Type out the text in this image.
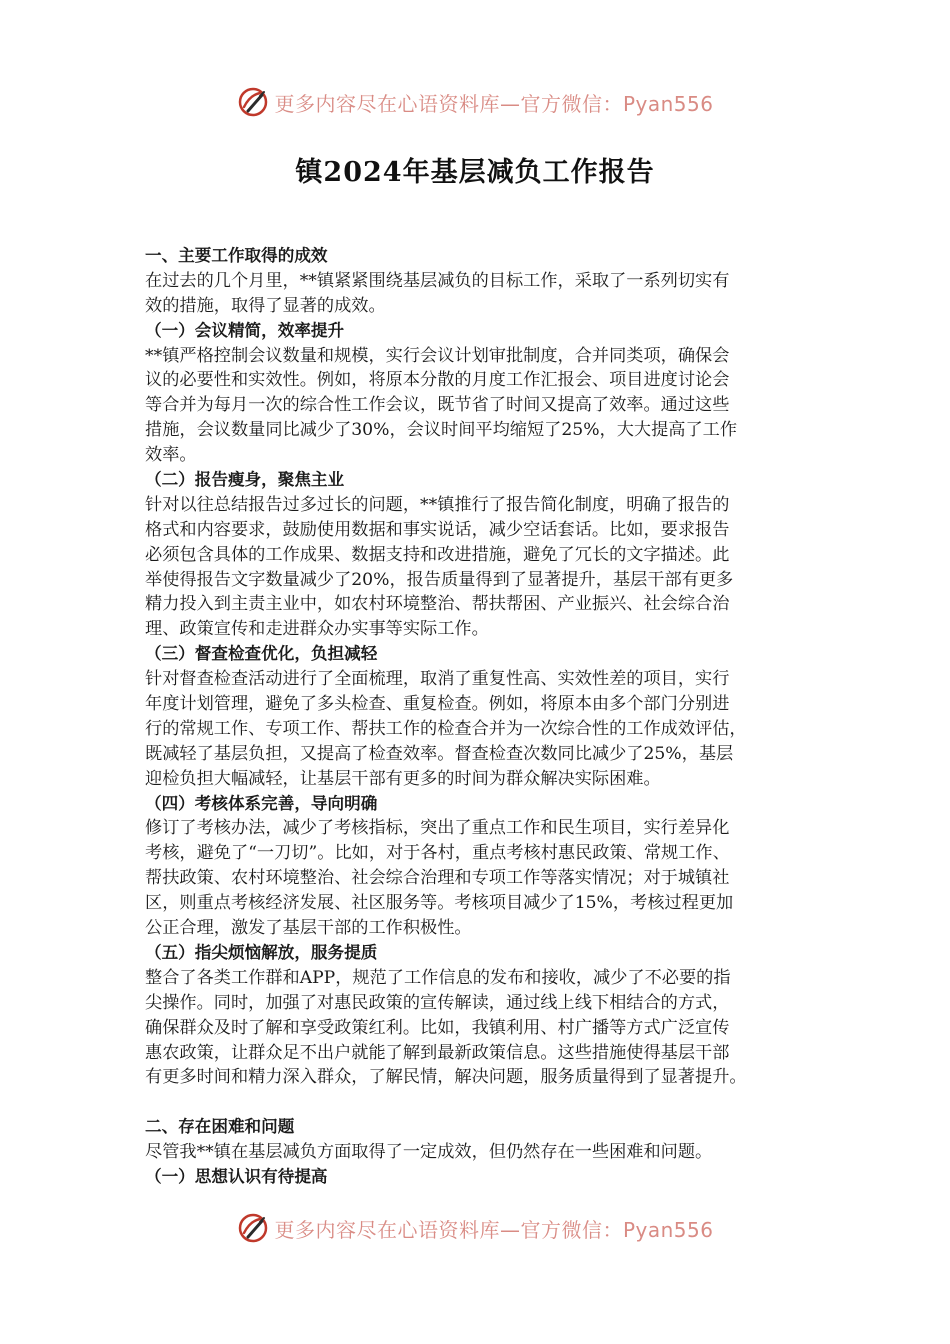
更多内容尽在心语资料库—官方微信：Pyan556
镇2024年基层减负工作报告
一、主要工作取得的成效
在过去的几个月里，**镇紧紧围绕基层减负的目标工作，采取了一系列切实有
效的措施，取得了显著的成效。
（一）会议精简，效率提升
**镇严格控制会议数量和规模，实行会议计划审批制度，合并同类项，确保会
议的必要性和实效性。例如，将原本分散的月度工作汇报会、项目进度讨论会
等合并为每月一次的综合性工作会议，既节省了时间又提高了效率。通过这些
措施，会议数量同比减少了30%，会议时间平均缩短了25%，大大提高了工作
效率。
（二）报告瘦身，聚焦主业
针对以往总结报告过多过长的问题，**镇推行了报告简化制度，明确了报告的
格式和内容要求，鼓励使用数据和事实说话，减少空话套话。比如，要求报告
必须包含具体的工作成果、数据支持和改进措施，避免了冗长的文字描述。此
举使得报告文字数量减少了20%，报告质量得到了显著提升，基层干部有更多
精力投入到主责主业中，如农村环境整治、帮扶帮困、产业振兴、社会综合治
理、政策宣传和走进群众办实事等实际工作。
（三）督查检查优化，负担减轻
针对督查检查活动进行了全面梳理，取消了重复性高、实效性差的项目，实行
年度计划管理，避免了多头检查、重复检查。例如，将原本由多个部门分别进
行的常规工作、专项工作、帮扶工作的检查合并为一次综合性的工作成效评估，
既减轻了基层负担，又提高了检查效率。督查检查次数同比减少了25%，基层
迎检负担大幅减轻，让基层干部有更多的时间为群众解决实际困难。
（四）考核体系完善，导向明确
修订了考核办法，减少了考核指标，突出了重点工作和民生项目，实行差异化
考核，避免了“一刀切”。比如，对于各村，重点考核村惠民政策、常规工作、
帮扶政策、农村环境整治、社会综合治理和专项工作等落实情况；对于城镇社
区，则重点考核经济发展、社区服务等。考核项目减少了15%，考核过程更加
公正合理，激发了基层干部的工作积极性。
（五）指尖烦恼解放，服务提质
整合了各类工作群和APP，规范了工作信息的发布和接收，减少了不必要的指
尖操作。同时，加强了对惠民政策的宣传解读，通过线上线下相结合的方式，
确保群众及时了解和享受政策红利。比如，我镇利用、村广播等方式广泛宣传
惠农政策，让群众足不出户就能了解到最新政策信息。这些措施使得基层干部
有更多时间和精力深入群众，了解民情，解决问题，服务质量得到了显著提升。
二、存在困难和问题
尽管我**镇在基层减负方面取得了一定成效，但仍然存在一些困难和问题。
（一）思想认识有待提高
更多内容尽在心语资料库—官方微信：Pyan556
